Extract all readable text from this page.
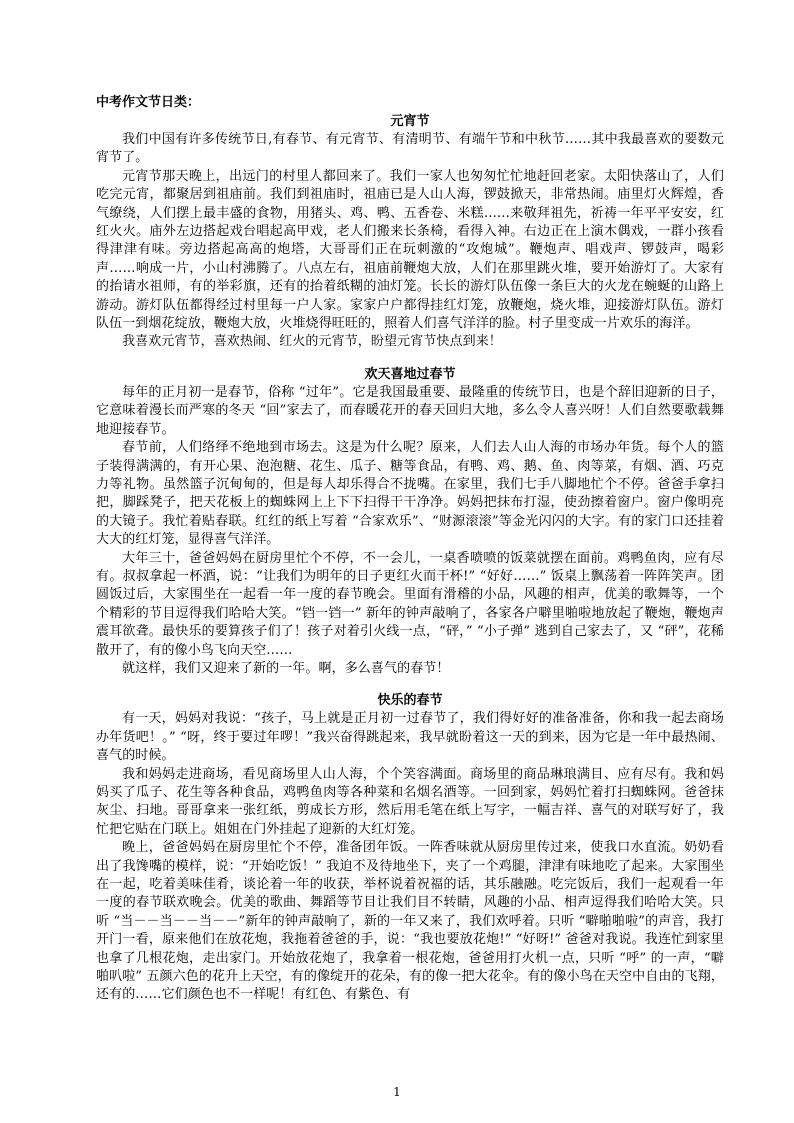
中考作文节日类：
元宵节

我们中国有许多传统节日,有春节、有元宵节、有清明节、有端午节和中秋节……其中我最喜欢的要数元宵节了。

元宵节那天晚上，出远门的村里人都回来了。我们一家人也匆匆忙忙地赶回老家。太阳快落山了，人们吃完元宵，都聚居到祖庙前。我们到祖庙时，祖庙已是人山人海，锣鼓掀天，非常热闹。庙里灯火辉煌，香气缭绕，人们摆上最丰盛的食物，用猪头、鸡、鸭、五香卷、米糕……来敬拜祖先，祈祷一年平平安安，红红火火。庙外左边搭起戏台唱起高甲戏，老人们搬来长条椅，看得入神。右边正在上演木偶戏，一群小孩看得津津有味。旁边搭起高高的炮塔，大哥哥们正在玩刺激的“攻炮城”。鞭炮声、唱戏声、锣鼓声，喝彩声……响成一片，小山村沸腾了。八点左右，祖庙前鞭炮大放，人们在那里跳火堆，要开始游灯了。大家有的抬请水祖师，有的举彩旗，还有的抬着纸糊的油灯笼。长长的游灯队伍像一条巨大的火龙在蜿蜒的山路上游动。游灯队伍都得经过村里每一户人家。家家户户都得挂红灯笼，放鞭炮，烧火堆，迎接游灯队伍。游灯队伍一到烟花绽放，鞭炮大放，火堆烧得旺旺的，照着人们喜气洋洋的脸。村子里变成一片欢乐的海洋。

我喜欢元宵节，喜欢热闹、红火的元宵节，盼望元宵节快点到来！

欢天喜地过春节

每年的正月初一是春节，俗称 “过年”。它是我国最重要、最隆重的传统节日，也是个辞旧迎新的日子，它意味着漫长而严寒的冬天 “回”家去了，而春暖花开的春天回归大地，多么令人喜兴呀！人们自然要歌载舞地迎接春节。

春节前，人们络绎不绝地到市场去。这是为什么呢？原来，人们去人山人海的市场办年货。每个人的篮子装得满满的，有开心果、泡泡糖、花生、瓜子、糖等食品，有鸭、鸡、鹅、鱼、肉等菜，有烟、酒、巧克力等礼物。虽然篮子沉甸甸的，但是每人却乐得合不拢嘴。在家里，我们七手八脚地忙个不停。爸爸手拿扫把，脚踩凳子，把天花板上的蜘蛛网上上下下扫得干干净净。妈妈把抹布打湿，使劲擦着窗户。窗户像明亮的大镜子。我忙着贴春联。红红的纸上写着 “合家欢乐”、“财源滚滚”等金光闪闪的大字。有的家门口还挂着大大的红灯笼，显得喜气洋洋。

大年三十，爸爸妈妈在厨房里忙个不停，不一会儿，一桌香喷喷的饭菜就摆在面前。鸡鸭鱼肉，应有尽有。叔叔拿起一杯酒，说：“让我们为明年的日子更红火而干杯!” “好好……” 饭桌上飘荡着一阵阵笑声。团圆饭过后，大家围坐在一起看一年一度的春节晚会。里面有滑稽的小品，风趣的相声，优美的歌舞等，一个个精彩的节目逗得我们哈哈大笑。“铛一铛一” 新年的钟声敲响了，各家各户噼里啪啦地放起了鞭炮，鞭炮声震耳欲聋。最快乐的要算孩子们了！孩子对着引火线一点，“砰，” “小子弹” 逃到自己家去了，又 “砰”，花稀散开了，有的像小鸟飞向天空……

就这样，我们又迎来了新的一年。啊，多么喜气的春节！

快乐的春节

有一天，妈妈对我说：“孩子，马上就是正月初一过春节了，我们得好好的准备准备，你和我一起去商场办年货吧！。” “呀，终于要过年啰！”我兴奋得跳起来，我早就盼着这一天的到来，因为它是一年中最热闹、喜气的时候。

我和妈妈走进商场，看见商场里人山人海，个个笑容满面。商场里的商品琳琅满目、应有尽有。我和妈妈买了瓜子、花生等各种食品，鸡鸭鱼肉等各种菜和名烟名酒等。一回到家，妈妈忙着打扫蜘蛛网。爸爸抹灰尘、扫地。哥哥拿来一张红纸，剪成长方形，然后用毛笔在纸上写字，一幅吉祥、喜气的对联写好了，我忙把它贴在门联上。姐姐在门外挂起了迎新的大红灯笼。

晚上，爸爸妈妈在厨房里忙个不停，准备团年饭。一阵香味就从厨房里传过来，使我口水直流。奶奶看出了我馋嘴的模样，说：“开始吃饭！” 我迫不及待地坐下，夹了一个鸡腿，津津有味地吃了起来。大家围坐在一起，吃着美味佳肴，谈论着一年的收获，举杯说着祝福的话，其乐融融。吃完饭后，我们一起观看一年一度的春节联欢晚会。优美的歌曲、舞蹈等节目让我们目不转睛，风趣的小品、相声逗得我们哈哈大笑。只听 “当－－当－－当－－”新年的钟声敲响了，新的一年又来了，我们欢呼着。只听 “噼啪啪啦”的声音，我打开门一看，原来他们在放花炮，我拖着爸爸的手，说：“我也要放花炮!” “好呀!” 爸爸对我说。我连忙到家里也拿了几根花炮，走出家门。开始放花炮了，我拿着一根花炮，爸爸用打火机一点，只听 “呼” 的一声，“噼啪叭啦” 五颜六色的花升上天空，有的像绽开的花朵，有的像一把大花伞。有的像小鸟在天空中自由的飞翔，还有的……它们颜色也不一样呢！有红色、有紫色、有

1
